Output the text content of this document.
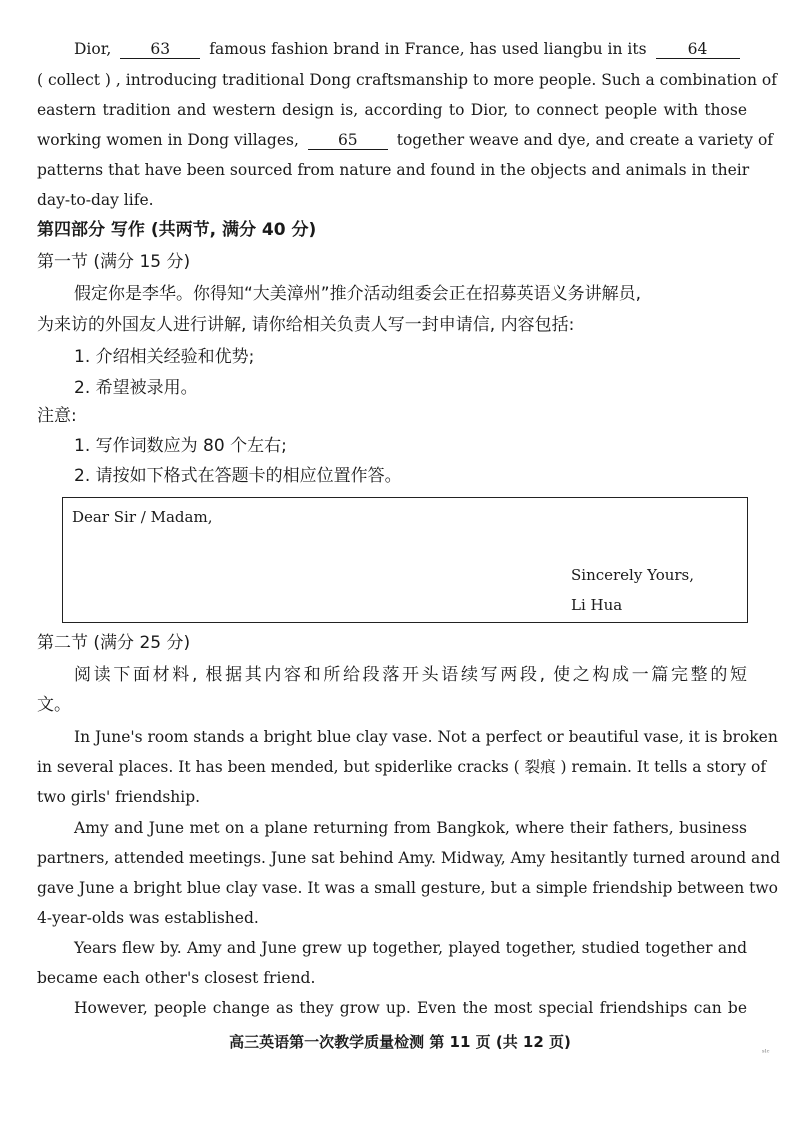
Dior,	63	famous fashion brand in France, has used liangbu in its	64
( collect ) , introducing traditional Dong craftsmanship to more people. Such a combination of
eastern tradition and western design is, according to Dior, to connect people with those
working women in Dong villages,	65	together weave and dye, and create a variety of
patterns that have been sourced from nature and found in the objects and animals in their
day-to-day life.
第四部分 写作 (共两节, 满分 40 分)
第一节 (满分 15 分)
假定你是李华。你得知“大美漳州”推介活动组委会正在招募英语义务讲解员,
为来访的外国友人进行讲解, 请你给相关负责人写一封申请信, 内容包括:
1. 介绍相关经验和优势;
2. 希望被录用。
注意:
1. 写作词数应为 80 个左右;
2. 请按如下格式在答题卡的相应位置作答。
Dear Sir / Madam,
Sincerely Yours,
Li Hua
第二节 (满分 25 分)
阅读下面材料, 根据其内容和所给段落开头语续写两段, 使之构成一篇完整的短
文。
In June's room stands a bright blue clay vase. Not a perfect or beautiful vase, it is broken
in several places. It has been mended, but spiderlike cracks ( 裂痕 ) remain. It tells a story of
two girls' friendship.
Amy and June met on a plane returning from Bangkok, where their fathers, business
partners, attended meetings. June sat behind Amy. Midway, Amy hesitantly turned around and
gave June a bright blue clay vase. It was a small gesture, but a simple friendship between two
4-year-olds was established.
Years flew by. Amy and June grew up together, played together, studied together and
became each other's closest friend.
However, people change as they grow up. Even the most special friendships can be
高三英语第一次教学质量检测 第 11 页 (共 12 页)
ˢˡᶜ
